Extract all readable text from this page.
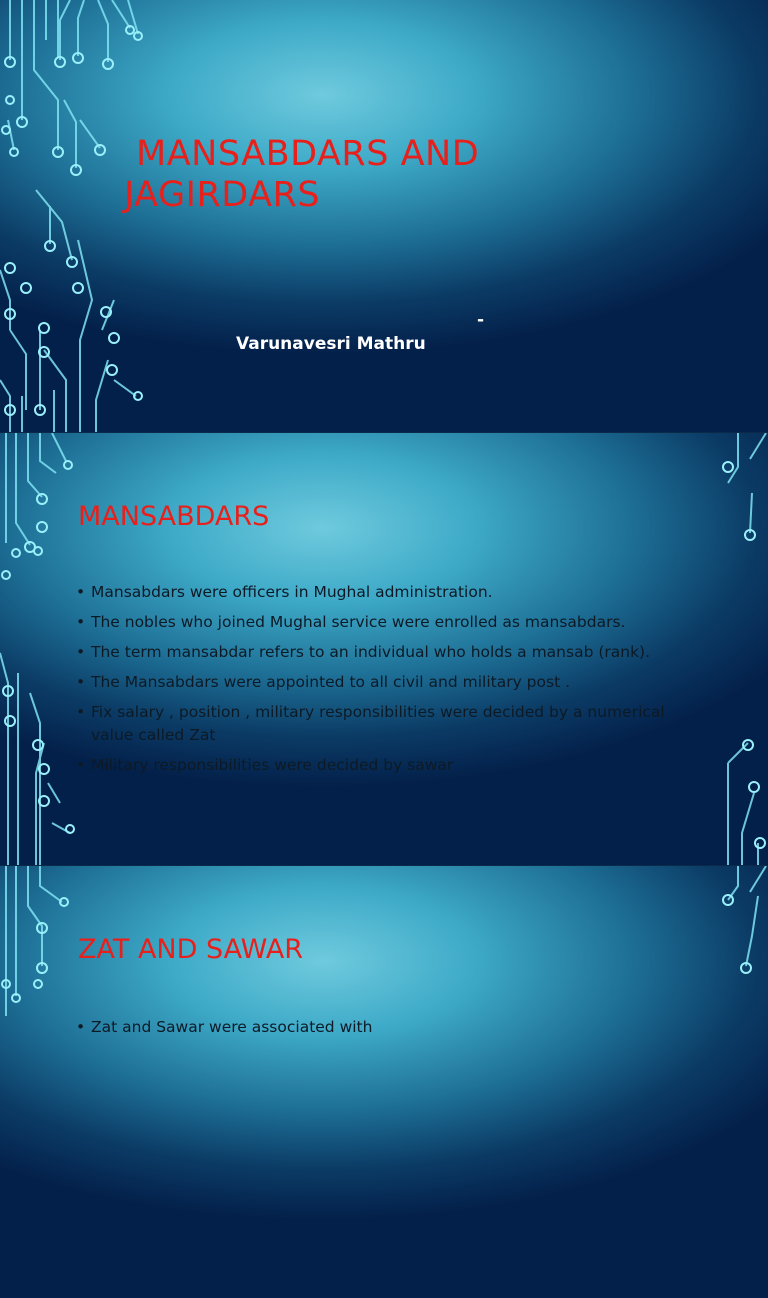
MANSABDARS AND
JAGIRDARS
-
Varunavesri Mathru
MANSABDARS
• Mansabdars were officers in Mughal administration.
• The nobles who joined Mughal service were enrolled as mansabdars.
• The term mansabdar refers to an individual who holds a mansab (rank).
• The Mansabdars were appointed to all civil and military post .
• Fix salary , position , military responsibilities were decided by a numerical value called Zat
• Military responsibilities were decided by sawar
ZAT AND SAWAR
• Zat and Sawar were associated with
